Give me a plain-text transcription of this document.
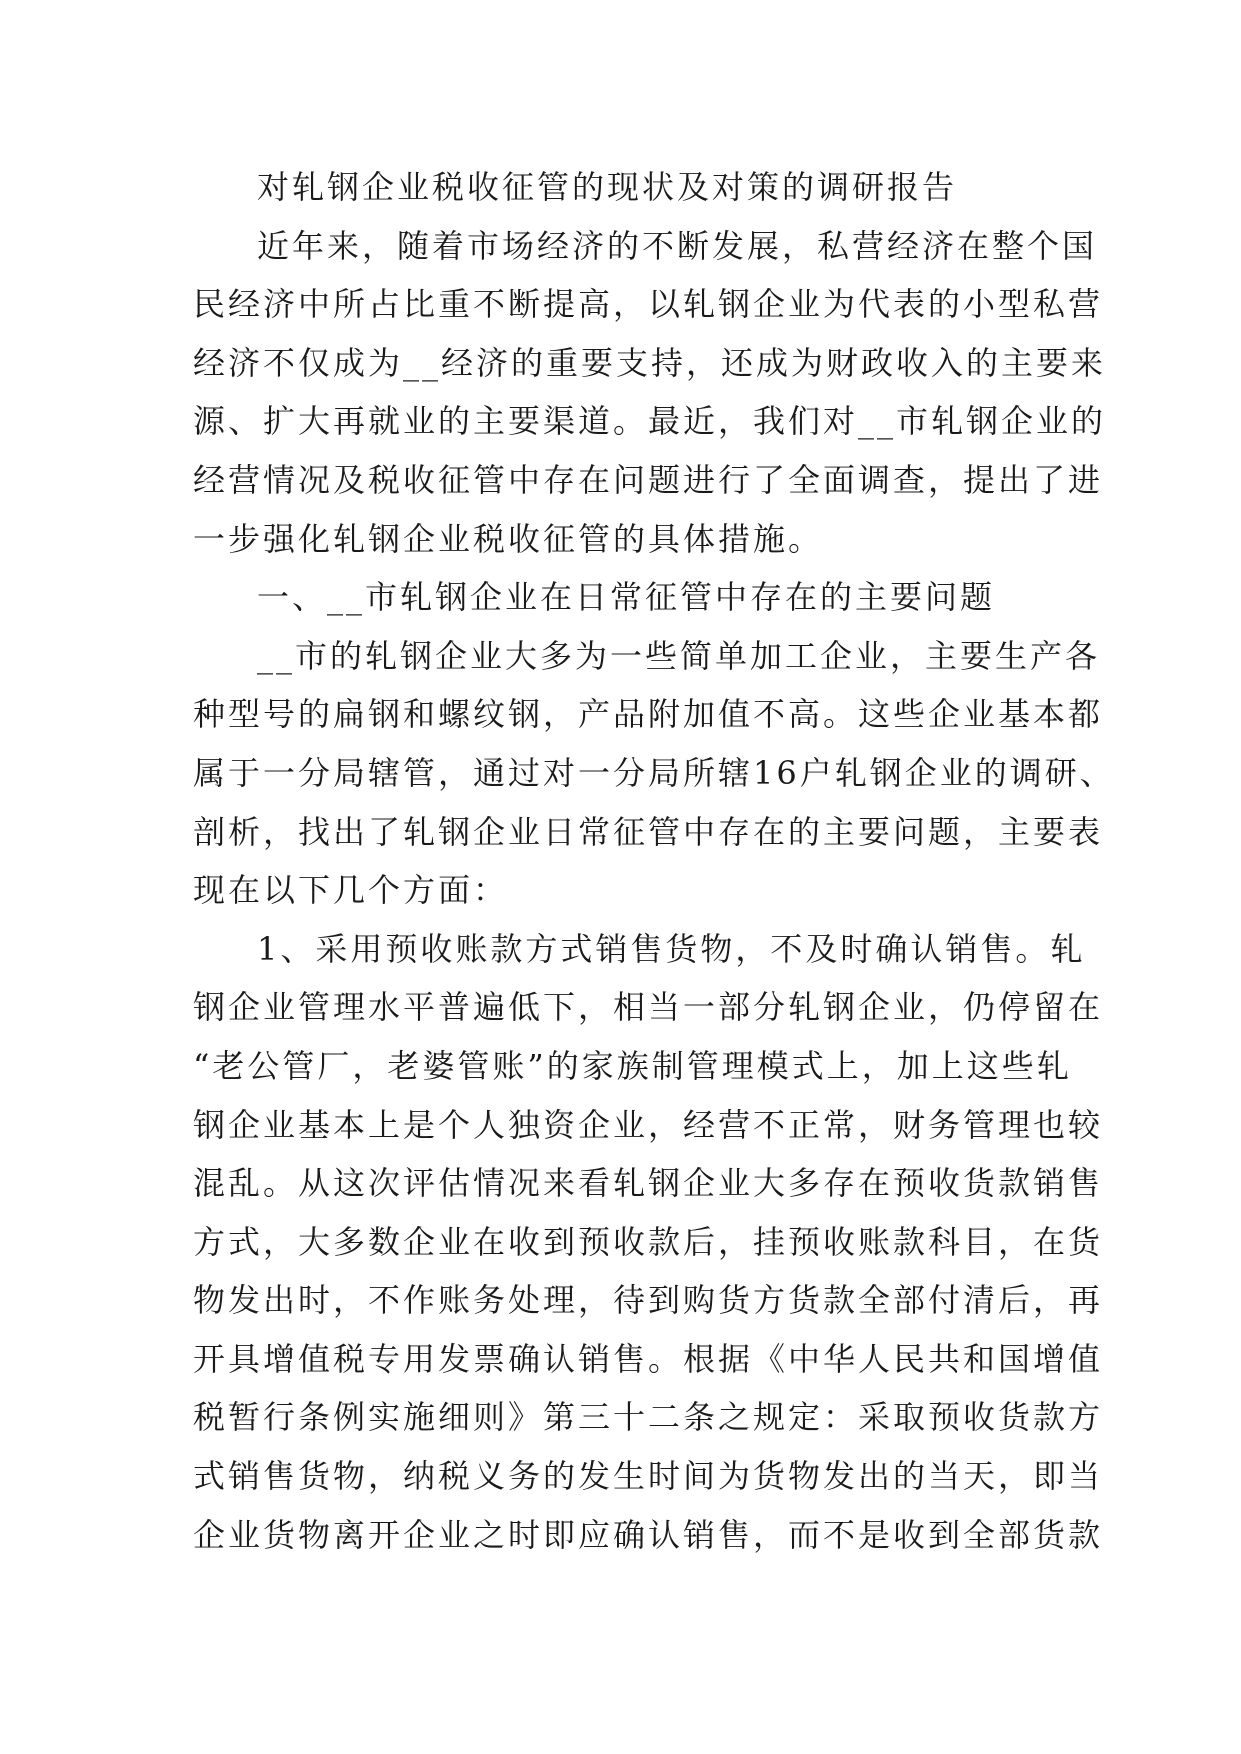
对轧钢企业税收征管的现状及对策的调研报告
近年来，随着市场经济的不断发展，私营经济在整个国
民经济中所占比重不断提高，以轧钢企业为代表的小型私营
经济不仅成为__经济的重要支持，还成为财政收入的主要来
源、扩大再就业的主要渠道。最近，我们对__市轧钢企业的
经营情况及税收征管中存在问题进行了全面调查，提出了进
一步强化轧钢企业税收征管的具体措施。
一、__市轧钢企业在日常征管中存在的主要问题
__市的轧钢企业大多为一些简单加工企业，主要生产各
种型号的扁钢和螺纹钢，产品附加值不高。这些企业基本都
属于一分局辖管，通过对一分局所辖16户轧钢企业的调研、
剖析，找出了轧钢企业日常征管中存在的主要问题，主要表
现在以下几个方面：
1、采用预收账款方式销售货物，不及时确认销售。轧
钢企业管理水平普遍低下，相当一部分轧钢企业，仍停留在
“老公管厂，老婆管账”的家族制管理模式上，加上这些轧
钢企业基本上是个人独资企业，经营不正常，财务管理也较
混乱。从这次评估情况来看轧钢企业大多存在预收货款销售
方式，大多数企业在收到预收款后，挂预收账款科目，在货
物发出时，不作账务处理，待到购货方货款全部付清后，再
开具增值税专用发票确认销售。根据《中华人民共和国增值
税暂行条例实施细则》第三十二条之规定：采取预收货款方
式销售货物，纳税义务的发生时间为货物发出的当天，即当
企业货物离开企业之时即应确认销售，而不是收到全部货款
